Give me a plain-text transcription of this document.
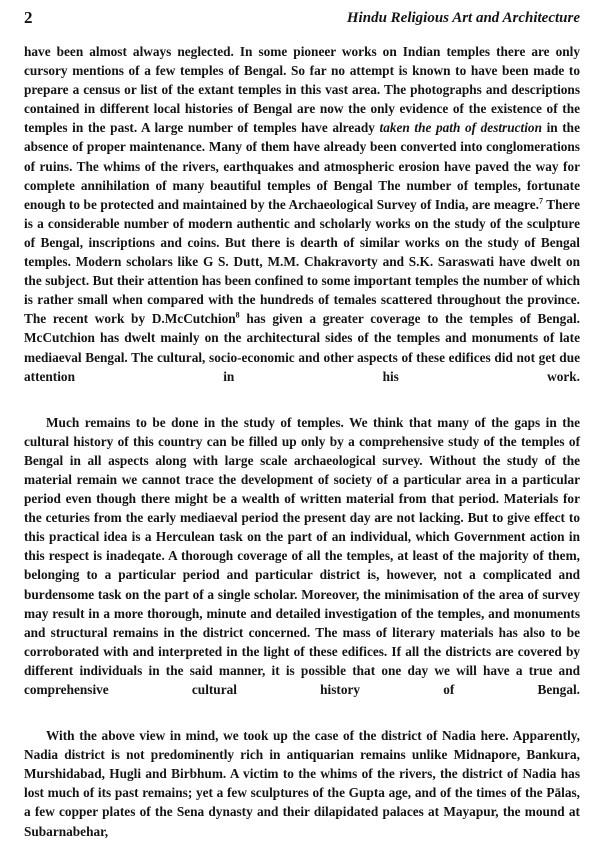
2	Hindu Religious Art and Architecture

have been almost always neglected. In some pioneer works on Indian temples there are only cursory mentions of a few temples of Bengal. So far no attempt is known to have been made to prepare a census or list of the extant temples in this vast area. The photographs and descriptions contained in different local histories of Bengal are now the only evidence of the existence of the temples in the past. A large number of temples have already taken the path of destruction in the absence of proper maintenance. Many of them have already been converted into conglomerations of ruins. The whims of the rivers, earthquakes and atmospheric erosion have paved the way for complete annihilation of many beautiful temples of Bengal The number of temples, fortunate enough to be protected and maintained by the Archaeological Survey of India, are meagre.$^7$ There is a considerable number of modern authentic and scholarly works on the study of the sculpture of Bengal, inscriptions and coins. But there is dearth of similar works on the study of Bengal temples. Modern scholars like G S. Dutt, M.M. Chakravorty and S.K. Saraswati have dwelt on the subject. But their attention has been confined to some important temples the number of which is rather small when compared with the hundreds of temales scattered throughout the province. The recent work by D.McCutchion$^8$ has given a greater coverage to the temples of Bengal. McCutchion has dwelt mainly on the architectural sides of the temples and monuments of late mediaeval Bengal. The cultural, socio-economic and other aspects of these edifices did not get due attention in his work.

Much remains to be done in the study of temples. We think that many of the gaps in the cultural history of this country can be filled up only by a comprehensive study of the temples of Bengal in all aspects along with large scale archaeological survey. Without the study of the material remain we cannot trace the development of society of a particular area in a particular period even though there might be a wealth of written material from that period. Materials for the ceturies from the early mediaeval period the present day are not lacking. But to give effect to this practical idea is a Herculean task on the part of an individual, which Government action in this respect is inadeqate. A thorough coverage of all the temples, at least of the majority of them, belonging to a particular period and particular district is, however, not a complicated and burdensome task on the part of a single scholar. Moreover, the minimisation of the area of survey may result in a more thorough, minute and detailed investigation of the temples, and monuments and structural remains in the district concerned. The mass of literary materials has also to be corroborated with and interpreted in the light of these edifices. If all the districts are covered by different individuals in the said manner, it is possible that one day we will have a true and comprehensive cultural history of Bengal.

With the above view in mind, we took up the case of the district of Nadia here. Apparently, Nadia district is not predominently rich in antiquarian remains unlike Midnapore, Bankura, Murshidabad, Hugli and Birbhum. A victim to the whims of the rivers, the district of Nadia has lost much of its past remains; yet a few sculptures of the Gupta age, and of the times of the Pālas, a few copper plates of the Sena dynasty and their dilapidated palaces at Mayapur, the mound at Subarnabehar,
